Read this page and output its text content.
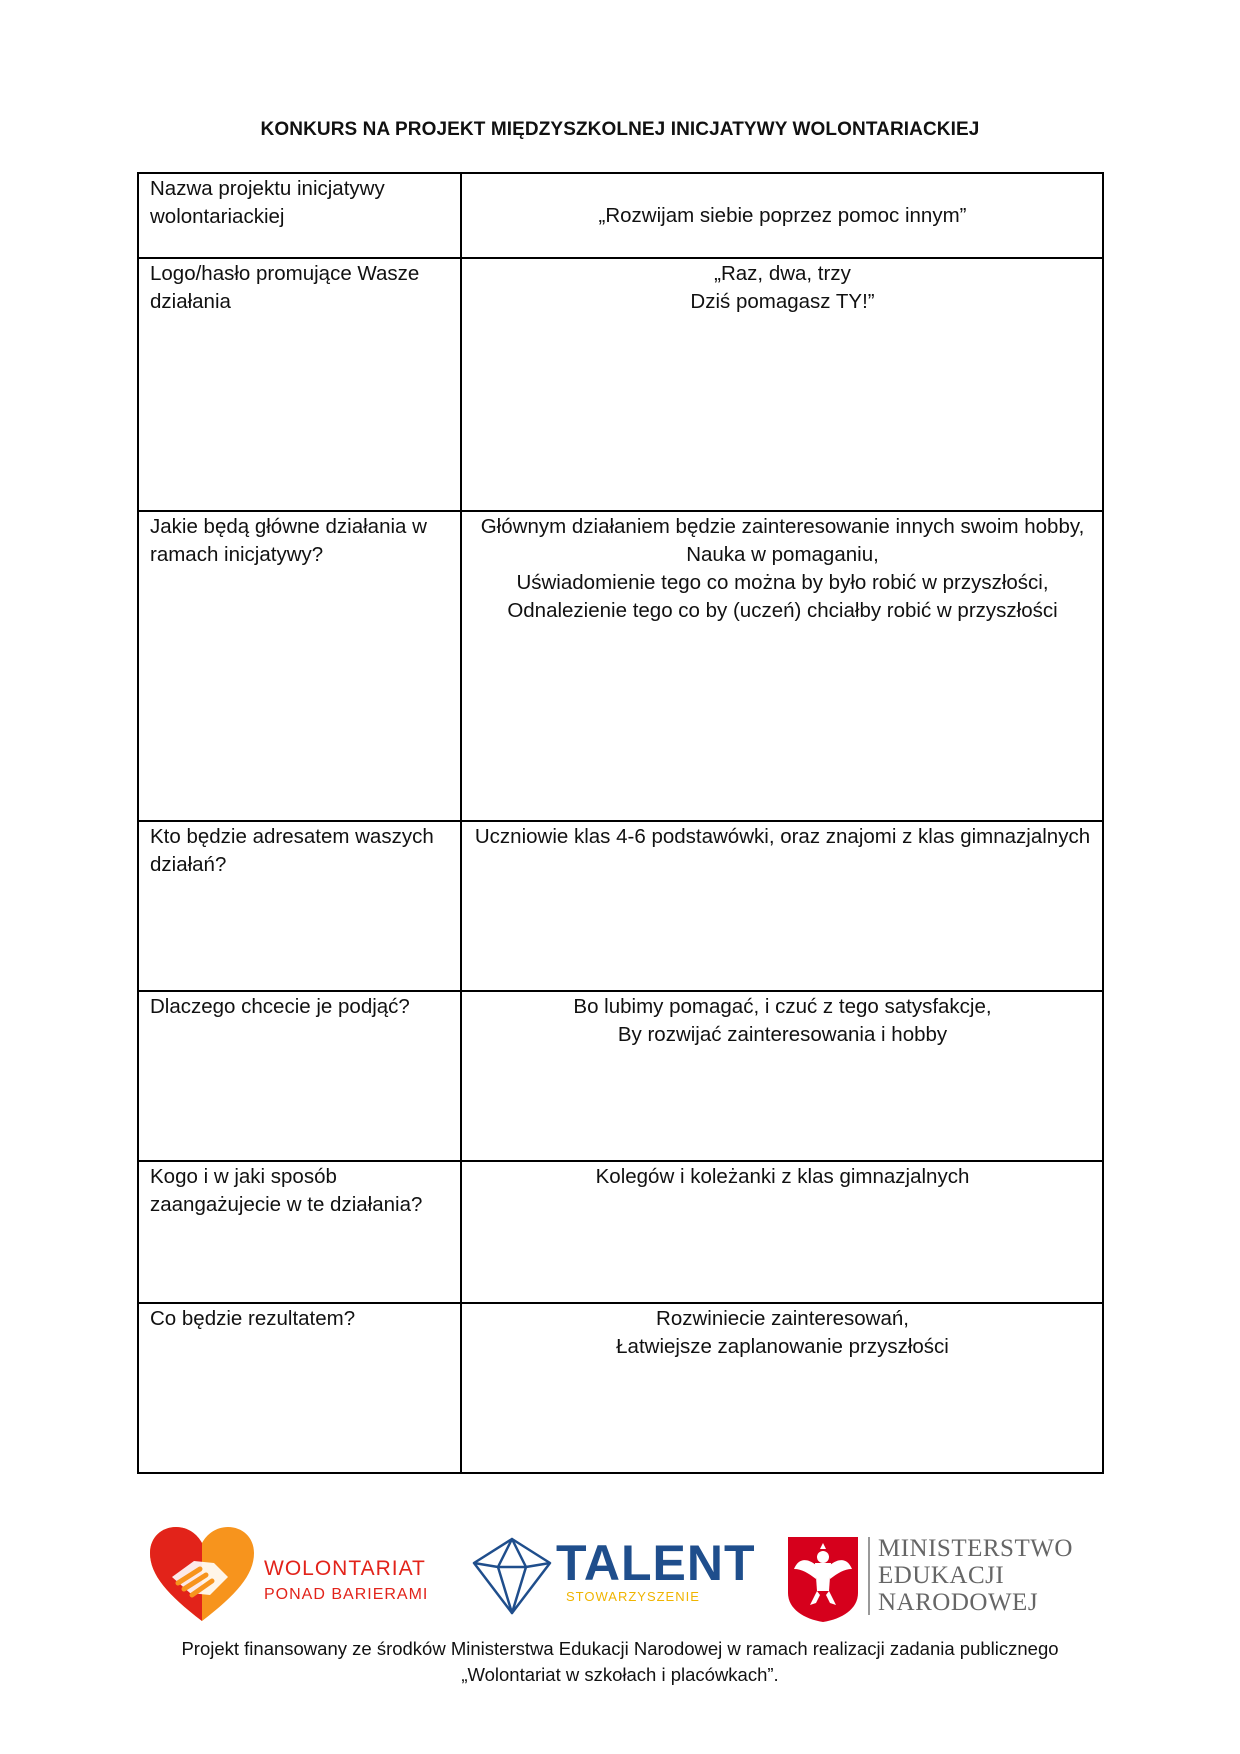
KONKURS NA PROJEKT MIĘDZYSZKOLNEJ INICJATYWY WOLONTARIACKIEJ
Nazwa projektu inicjatywy wolontariackiej	„Rozwijam siebie poprzez pomoc innym”

Logo/hasło promujące Wasze działania	„Raz, dwa, trzy
Dziś pomagasz TY!”

Jakie będą główne działania w ramach inicjatywy?	Głównym działaniem będzie zainteresowanie innych swoim hobby,
Nauka w pomaganiu,
Uświadomienie tego co można by było robić w przyszłości,
Odnalezienie tego co by (uczeń) chciałby robić w przyszłości

Kto będzie adresatem waszych działań?	Uczniowie klas 4-6 podstawówki, oraz znajomi z klas gimnazjalnych

Dlaczego chcecie je podjąć?	Bo lubimy pomagać, i czuć z tego satysfakcje,
By rozwijać zainteresowania i hobby

Kogo i w jaki sposób zaangażujecie w te działania?	Kolegów i koleżanki z klas gimnazjalnych

Co będzie rezultatem?	Rozwiniecie zainteresowań,
Łatwiejsze zaplanowanie przyszłości
WOLONTARIAT
PONAD BARIERAMI
TALENT
STOWARZYSZENIE
MINISTERSTWO
EDUKACJI
NARODOWEJ
Projekt finansowany ze środków Ministerstwa Edukacji Narodowej w ramach realizacji zadania publicznego
„Wolontariat w szkołach i placówkach”.
